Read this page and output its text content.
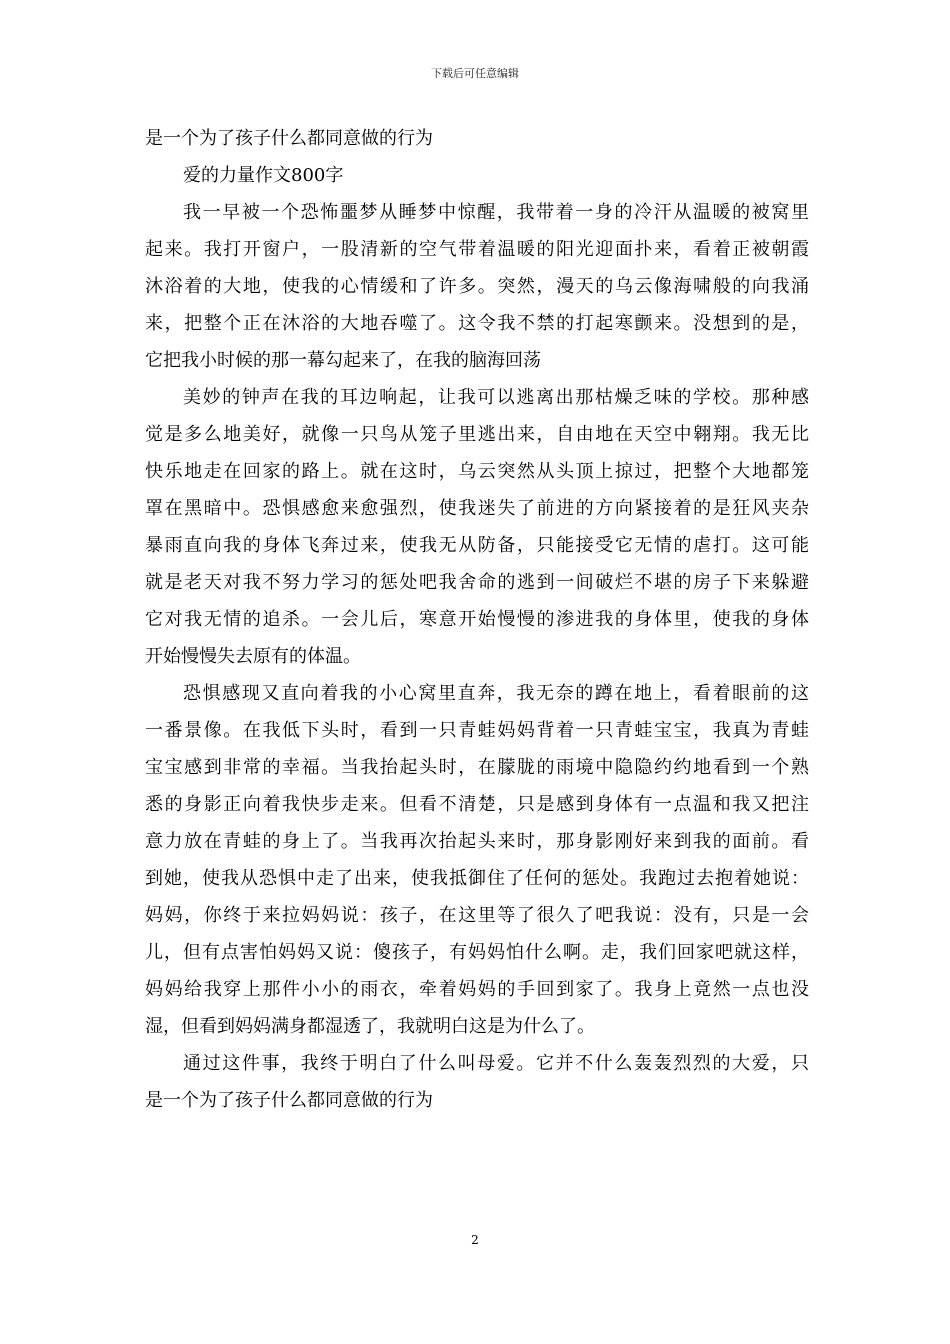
下载后可任意编辑
是一个为了孩子什么都同意做的行为
爱的力量作文800字
我一早被一个恐怖噩梦从睡梦中惊醒，我带着一身的冷汗从温暖的被窝里
起来。我打开窗户，一股清新的空气带着温暖的阳光迎面扑来，看着正被朝霞
沐浴着的大地，使我的心情缓和了许多。突然，漫天的乌云像海啸般的向我涌
来，把整个正在沐浴的大地吞噬了。这令我不禁的打起寒颤来。没想到的是，
它把我小时候的那一幕勾起来了，在我的脑海回荡
美妙的钟声在我的耳边响起，让我可以逃离出那枯燥乏味的学校。那种感
觉是多么地美好，就像一只鸟从笼子里逃出来，自由地在天空中翱翔。我无比
快乐地走在回家的路上。就在这时，乌云突然从头顶上掠过，把整个大地都笼
罩在黑暗中。恐惧感愈来愈强烈，使我迷失了前进的方向紧接着的是狂风夹杂
暴雨直向我的身体飞奔过来，使我无从防备，只能接受它无情的虐打。这可能
就是老天对我不努力学习的惩处吧我舍命的逃到一间破烂不堪的房子下来躲避
它对我无情的追杀。一会儿后，寒意开始慢慢的渗进我的身体里，使我的身体
开始慢慢失去原有的体温。
恐惧感现又直向着我的小心窝里直奔，我无奈的蹲在地上，看着眼前的这
一番景像。在我低下头时，看到一只青蛙妈妈背着一只青蛙宝宝，我真为青蛙
宝宝感到非常的幸福。当我抬起头时，在朦胧的雨境中隐隐约约地看到一个熟
悉的身影正向着我快步走来。但看不清楚，只是感到身体有一点温和我又把注
意力放在青蛙的身上了。当我再次抬起头来时，那身影刚好来到我的面前。看
到她，使我从恐惧中走了出来，使我抵御住了任何的惩处。我跑过去抱着她说：
妈妈，你终于来拉妈妈说：孩子，在这里等了很久了吧我说：没有，只是一会
儿，但有点害怕妈妈又说：傻孩子，有妈妈怕什么啊。走，我们回家吧就这样，
妈妈给我穿上那件小小的雨衣，牵着妈妈的手回到家了。我身上竟然一点也没
湿，但看到妈妈满身都湿透了，我就明白这是为什么了。
通过这件事，我终于明白了什么叫母爱。它并不什么轰轰烈烈的大爱，只
是一个为了孩子什么都同意做的行为
2
